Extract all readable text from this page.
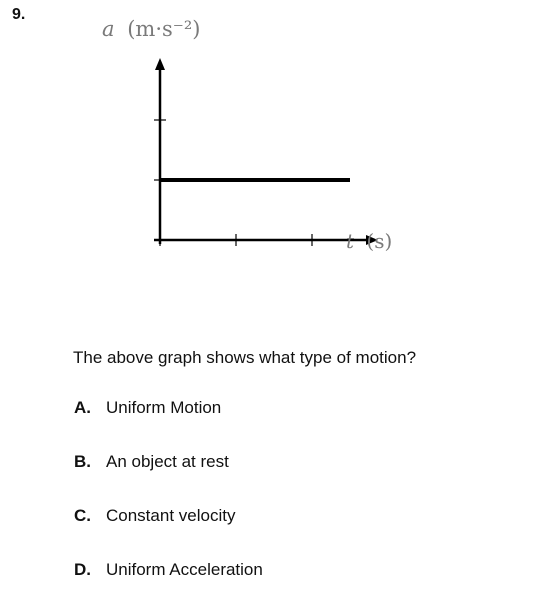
9.
a (m·s⁻²)
t (s)
The above graph shows what type of motion?
A. Uniform Motion
B. An object at rest
C. Constant velocity
D. Uniform Acceleration
